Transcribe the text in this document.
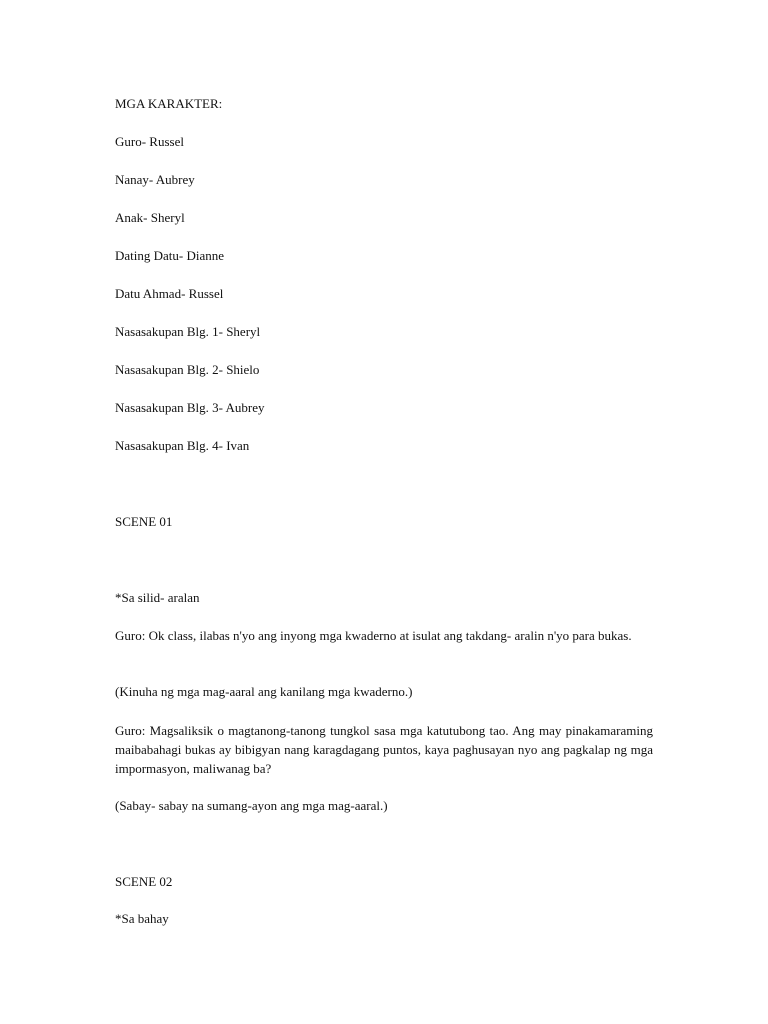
MGA KARAKTER:
Guro- Russel
Nanay- Aubrey
Anak- Sheryl
Dating Datu- Dianne
Datu Ahmad- Russel
Nasasakupan Blg. 1- Sheryl
Nasasakupan Blg. 2- Shielo
Nasasakupan Blg. 3- Aubrey
Nasasakupan Blg. 4- Ivan
SCENE 01
*Sa silid- aralan
Guro: Ok class, ilabas n'yo ang inyong mga kwaderno at isulat ang takdang- aralin n'yo para bukas.
(Kinuha ng mga mag-aaral ang kanilang mga kwaderno.)
Guro: Magsaliksik o magtanong-tanong tungkol sasa mga katutubong tao. Ang may pinakamaraming maibabahagi bukas ay bibigyan nang karagdagang puntos, kaya paghusayan nyo ang pagkalap ng mga impormasyon, maliwanag ba?
(Sabay- sabay na sumang-ayon ang mga mag-aaral.)
SCENE 02
*Sa bahay
